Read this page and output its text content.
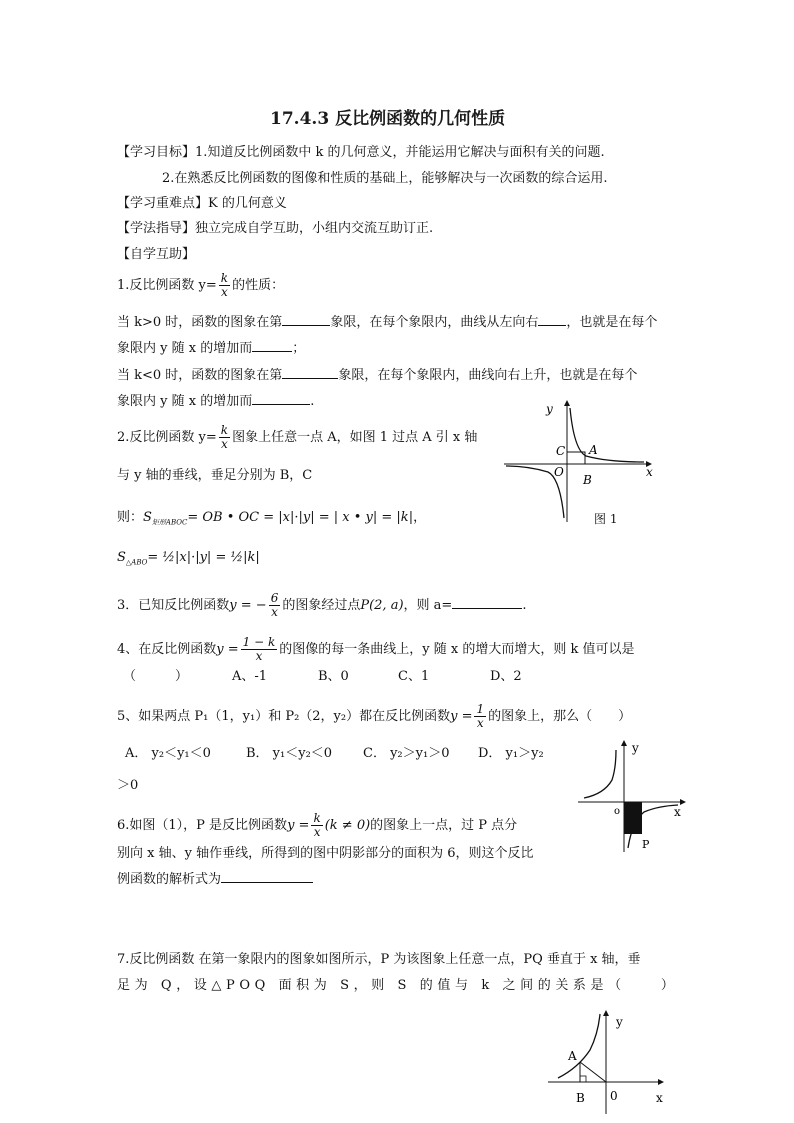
17.4.3 反比例函数的几何性质
【学习目标】1.知道反比例函数中 k 的几何意义，并能运用它解决与面积有关的问题.
2.在熟悉反比例函数的图像和性质的基础上，能够解决与一次函数的综合运用.
【学习重难点】K 的几何意义
【学法指导】独立完成自学互助，小组内交流互助订正.
【自学互助】
1.反比例函数 $y= \frac{k}{x}$ 的性质：
当 k>0 时，函数的图象在第	象限，在每个象限内，曲线从左向右 ，也就是在每个
象限内 y 随 x 的增加而	；
当 k<0 时，函数的图象在第	象限，在每个象限内，曲线向右上升，也就是在每个
象限内 y 随 x 的增加而	.
2.反比例函数 $y= \frac{k}{x}$ 图象上任意一点 A，如图 1 过点 A 引 x 轴
与 y 轴的垂线，垂足分别为 B，C
则：$S_{矩形ABOC}=$ OB • OC = |x|·|y| = | x • y| = |k|，
$S_{\triangle ABO}=$ ½|x|·|y| = ½|k|
y
x
O
A
B
C
图 1
3．已知反比例函数y = − $\frac{6}{x}$ 的图象经过点P(2, a)，则 a=	.
4、在反比例函数$y = \frac{1 - k}{x}$ 的图像的每一条曲线上，y 随 x 的增大而增大，则 k 值可以是
（　　　）	A、-1	B、0	C、1	D、2
5、如果两点 P₁（1，y₁）和 P₂（2，y₂）都在反比例函数$y = \frac{1}{x}$ 的图象上，那么（　　）
A． y₂＜y₁＜0	B． y₁＜y₂＜0 C． y₂＞y₁＞0 D． y₁＞y₂
＞0
y
x
o
P
6.如图（1），P 是反比例函数$y = \frac{k}{x} (k \ne 0)$的图象上一点，过 P 点分
别向 x 轴、y 轴作垂线，所得到的图中阴影部分的面积为 6，则这个反比
例函数的解析式为
7.反比例函数 在第一象限内的图象如图所示，P 为该图象上任意一点，PQ 垂直于 x 轴，垂
足为 Q，设△POQ 面积为 S，则 S 的值与 k 之间的关系是（　　）
y
x
A
B 0
